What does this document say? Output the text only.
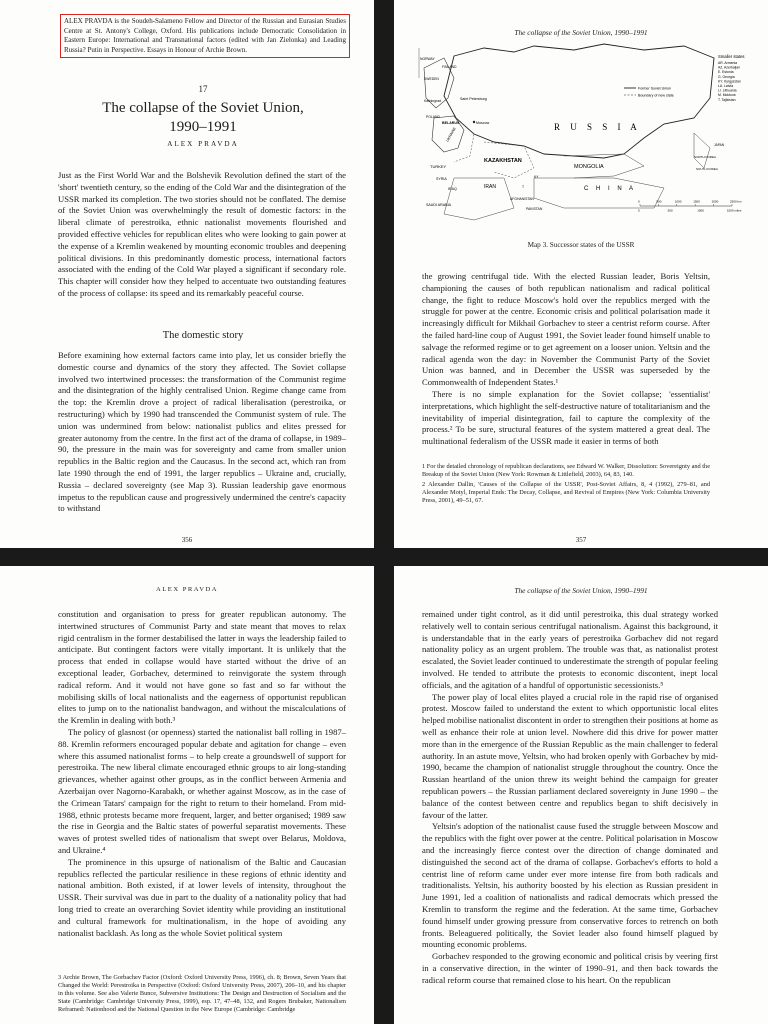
ALEX PRAVDA is the Soudeh-Salameno Fellow and Director of the Russian and Eurasian Studies Centre at St. Antony's College, Oxford. His publications include Democratic Consolidation in Eastern Europe: International and Transnational factors (edited with Jan Zielonka) and Leading Russia? Putin in Perspective. Essays in Honour of Archie Brown.
17
The collapse of the Soviet Union,
1990–1991
ALEX PRAVDA

Just as the First World War and the Bolshevik Revolution defined the start of the 'short' twentieth century, so the ending of the Cold War and the disintegration of the USSR marked its completion. The two stories should not be conflated. The demise of the Soviet Union was overwhelmingly the result of domestic factors: in the liberal climate of perestroika, ethnic nationalist movements flourished and provided effective vehicles for republican elites who were looking to gain power at the expense of a Kremlin weakened by mounting economic troubles and deepening political divisions. In this predominantly domestic process, international factors associated with the ending of the Cold War played a significant if secondary role. This chapter will consider how they helped to accentuate two outstanding features of the process of collapse: its speed and its remarkably peaceful course.

The domestic story

Before examining how external factors came into play, let us consider briefly the domestic course and dynamics of the story they affected. The Soviet collapse involved two intertwined processes: the transformation of the Communist regime and the disintegration of the highly centralised Union. Regime change came from the top: the Kremlin drove a project of radical liberalisation (perestroika, or restructuring) which by 1990 had transcended the Communist system of rule. The union was undermined from below: nationalist publics and elites pressed for greater autonomy from the centre. In the first act of the drama of collapse, in 1989–90, the pressure in the main was for sovereignty and came from smaller union republics in the Baltic region and the Caucasus. In the second act, which ran from late 1990 through the end of 1991, the larger republics – Ukraine and, crucially, Russia – declared sovereignty (see Map 3). Russian leadership gave enormous impetus to the republican cause and progressively undermined the centre's capacity to withstand

356
The collapse of the Soviet Union, 1990–1991
R U S S I A
KAZAKHSTAN
MONGOLIA
C H I N A
IRAN
TURKEY
SYRIA
IRAQ
SAUDI ARABIA
AFGHANISTAN
PAKISTAN
FINLAND
SWEDEN
NORWAY
POLAND
BELARUS
UKRAINE
Kaliningrad	Saint Petersburg
Moscow
JAPAN
NORTH KOREA
SOUTH KOREA
KY
T
Former Soviet Union
Boundary of new state
Smaller states
AR. Armenia
AZ. Azerbaijan
E. Estonia
G. Georgia
KY. Kyrgyzstan
LA. Latvia
LI. Lithuania
M. Moldova
T. Tajikistan
0	500	1000	1500	2000	2500 km
0	500	1000	1500 miles
Map 3. Successor states of the USSR

the growing centrifugal tide. With the elected Russian leader, Boris Yeltsin, championing the causes of both republican nationalism and radical political change, the fight to reduce Moscow's hold over the republics merged with the struggle for power at the centre. Economic crisis and political polarisation made it increasingly difficult for Mikhail Gorbachev to steer a centrist reform course. After the failed hard-line coup of August 1991, the Soviet leader found himself unable to salvage the reformed regime or to get agreement on a looser union. Yeltsin and the radical agenda won the day: in November the Communist Party of the Soviet Union was banned, and in December the USSR was superseded by the Commonwealth of Independent States.¹

There is no simple explanation for the Soviet collapse; 'essentialist' interpretations, which highlight the self-destructive nature of totalitarianism and the inevitability of imperial disintegration, fail to capture the complexity of the process.² To be sure, structural features of the system mattered a great deal. The multinational federalism of the USSR made it easier in terms of both

1 For the detailed chronology of republican declarations, see Edward W. Walker, Dissolution: Sovereignty and the Breakup of the Soviet Union (New York: Rowman & Littlefield, 2003), 64, 83, 140.

2 Alexander Dallin, 'Causes of the Collapse of the USSR', Post-Soviet Affairs, 8, 4 (1992), 279–81, and Alexander Motyl, Imperial Ends: The Decay, Collapse, and Revival of Empires (New York: Columbia University Press, 2001), 49–51, 67.

357
ALEX PRAVDA

constitution and organisation to press for greater republican autonomy. The intertwined structures of Communist Party and state meant that moves to relax rigid centralism in the former destabilised the latter in ways the leadership failed to anticipate. But contingent factors were vitally important. It is unlikely that the process that ended in collapse would have started without the drive of an exceptional leader, Gorbachev, determined to reinvigorate the system through radical reform. And it would not have gone so fast and so far without the mobilising skills of local nationalists and the eagerness of opportunist republican elites to jump on to the nationalist bandwagon, and without the miscalculations of the Kremlin in dealing with both.³

The policy of glasnost (or openness) started the nationalist ball rolling in 1987–88. Kremlin reformers encouraged popular debate and agitation for change – even where this assumed nationalist forms – to help create a groundswell of support for perestroika. The new liberal climate encouraged ethnic groups to air long-standing grievances, whether against other groups, as in the conflict between Armenia and Azerbaijan over Nagorno-Karabakh, or whether against Moscow, as in the case of the Crimean Tatars' campaign for the right to return to their homeland. From mid-1988, ethnic protests became more frequent, larger, and better organised; 1989 saw the rise in Georgia and the Baltic states of powerful separatist movements. These waves of protest swelled tides of nationalism that swept over Belarus, Moldova, and Ukraine.⁴

The prominence in this upsurge of nationalism of the Baltic and Caucasian republics reflected the particular resilience in these regions of ethnic identity and national ambition. Both existed, if at lower levels of intensity, throughout the USSR. Their survival was due in part to the duality of a nationality policy that had long tried to create an overarching Soviet identity while providing an institutional and cultural framework for multinationalism, in the hope of avoiding any nationalist backlash. As long as the whole Soviet political system

3 Archie Brown, The Gorbachev Factor (Oxford: Oxford University Press, 1996), ch. 8; Brown, Seven Years that Changed the World: Perestroika in Perspective (Oxford: Oxford University Press, 2007), 206–10, and his chapter in this volume. See also Valerie Bunce, Subversive Institutions: The Design and Destruction of Socialism and the State (Cambridge: Cambridge University Press, 1999), esp. 17, 47–48, 132, and Rogers Brubaker, Nationalism Reframed: Nationhood and the National Question in the New Europe (Cambridge: Cambridge

The collapse of the Soviet Union, 1990–1991

remained under tight control, as it did until perestroika, this dual strategy worked relatively well to contain serious centrifugal nationalism. Against this background, it is understandable that in the early years of perestroika Gorbachev did not regard nationality policy as an urgent problem. The trouble was that, as nationalist protest escalated, the Soviet leader continued to underestimate the strength of popular feeling involved. He tended to attribute the protests to economic discontent, inept local officials, and the agitation of a handful of opportunistic secessionists.⁵

The power play of local elites played a crucial role in the rapid rise of organised protest. Moscow failed to understand the extent to which opportunistic local elites helped mobilise nationalist discontent in order to strengthen their positions at home as well as enhance their role at union level. Nowhere did this drive for power matter more than in the emergence of the Russian Republic as the main challenger to federal authority. In an astute move, Yeltsin, who had broken openly with Gorbachev by mid-1990, became the champion of nationalist struggle throughout the country. Once the Russian heartland of the union threw its weight behind the campaign for greater republican powers – the Russian parliament declared sovereignty in June 1990 – the balance of the contest between centre and republics began to shift decisively in favour of the latter.

Yeltsin's adoption of the nationalist cause fused the struggle between Moscow and the republics with the fight over power at the centre. Political polarisation in Moscow and the increasingly fierce contest over the direction of change dominated and distinguished the second act of the drama of collapse. Gorbachev's efforts to hold a centrist line of reform came under ever more intense fire from both radicals and traditionalists. Yeltsin, his authority boosted by his election as Russian president in June 1991, led a coalition of nationalists and radical democrats which pressed the Kremlin to transform the regime and the federation. At the same time, Gorbachev found himself under growing pressure from conservative forces to retrench on both fronts. Beleaguered politically, the Soviet leader also found himself plagued by mounting economic problems.

Gorbachev responded to the growing economic and political crisis by veering first in a conservative direction, in the winter of 1990–91, and then back towards the radical reform course that remained close to his heart. On the republican
